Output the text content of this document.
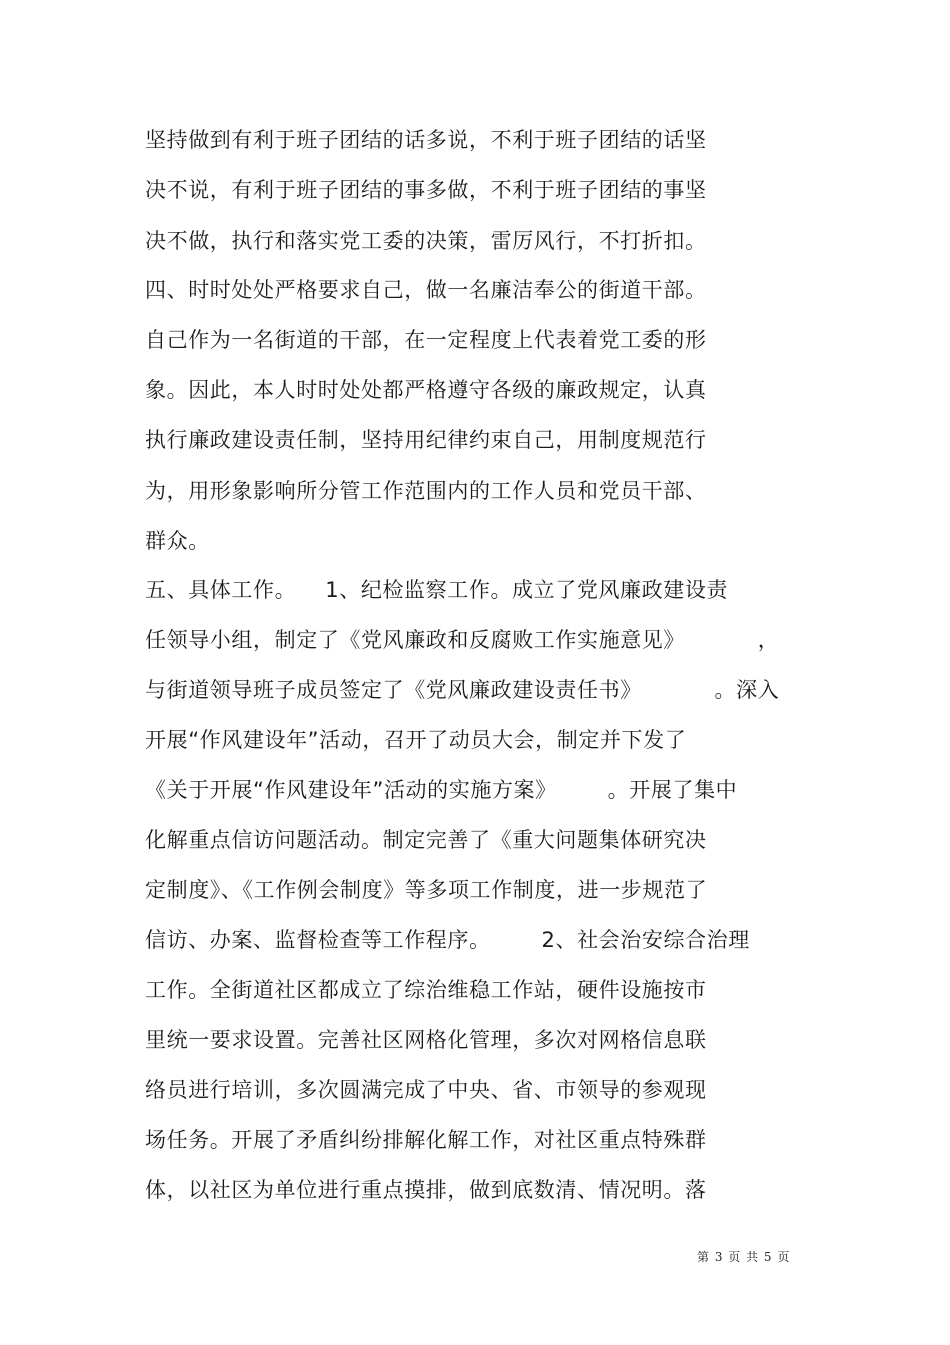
坚持做到有利于班子团结的话多说，不利于班子团结的话坚
决不说，有利于班子团结的事多做，不利于班子团结的事坚
决不做，执行和落实党工委的决策，雷厉风行，不打折扣。
四、时时处处严格要求自己，做一名廉洁奉公的街道干部。
自己作为一名街道的干部，在一定程度上代表着党工委的形
象。因此，本人时时处处都严格遵守各级的廉政规定，认真
执行廉政建设责任制，坚持用纪律约束自己，用制度规范行
为，用形象影响所分管工作范围内的工作人员和党员干部、
群众。
五、具体工作。    1、纪检监察工作。成立了党风廉政建设责
任领导小组，制定了《党风廉政和反腐败工作实施意见》          ，
与街道领导班子成员签定了《党风廉政建设责任书》          。深入
开展“作风建设年”活动，召开了动员大会，制定并下发了
《关于开展“作风建设年”活动的实施方案》       。开展了集中
化解重点信访问题活动。制定完善了《重大问题集体研究决
定制度》、《工作例会制度》等多项工作制度，进一步规范了
信访、办案、监督检查等工作程序。       2、社会治安综合治理
工作。全街道社区都成立了综治维稳工作站，硬件设施按市
里统一要求设置。完善社区网格化管理，多次对网格信息联
络员进行培训，多次圆满完成了中央、省、市领导的参观现
场任务。开展了矛盾纠纷排解化解工作，对社区重点特殊群
体，以社区为单位进行重点摸排，做到底数清、情况明。落
第 3 页 共 5 页
